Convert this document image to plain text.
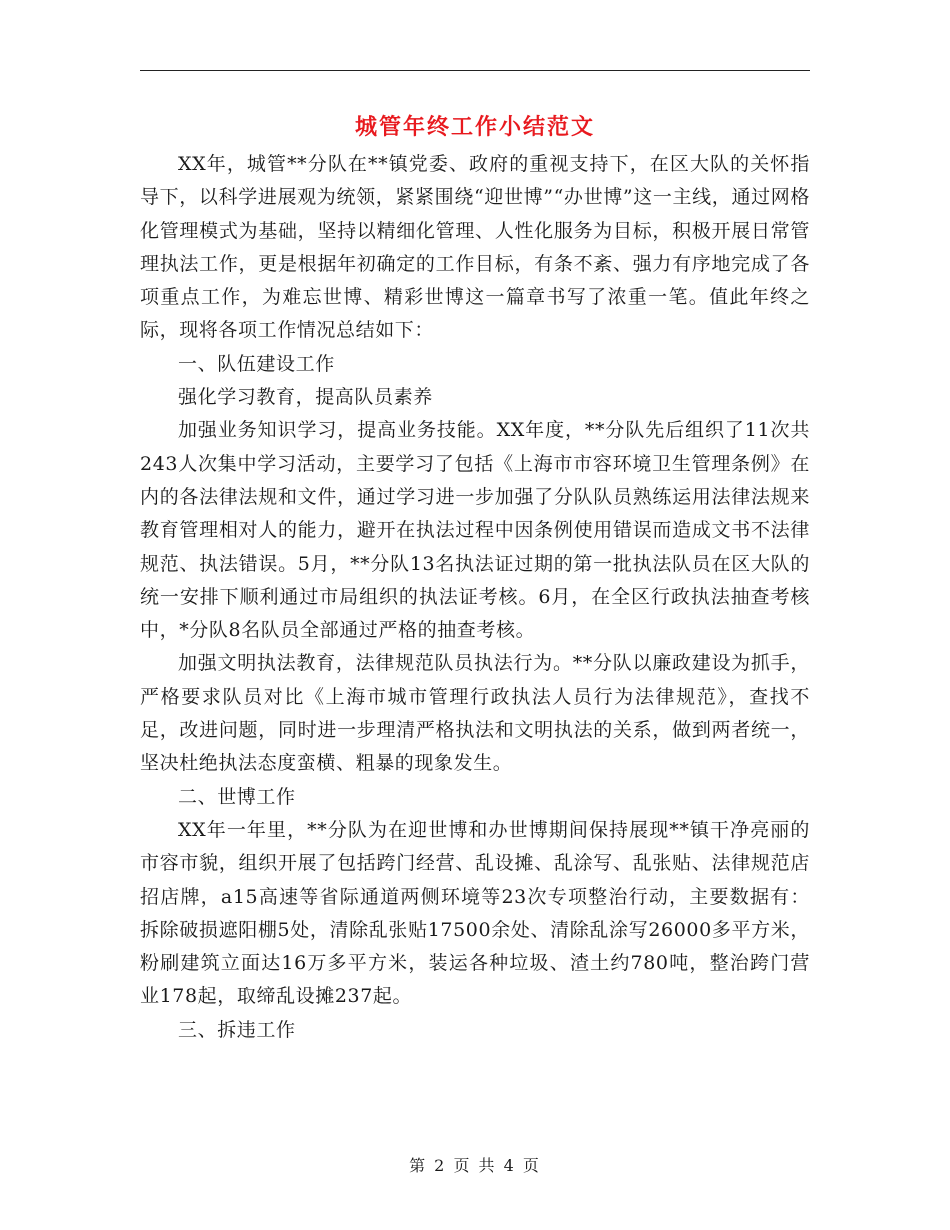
城管年终工作小结范文

XX年，城管**分队在**镇党委、政府的重视支持下，在区大队的关怀指导下，以科学进展观为统领，紧紧围绕“迎世博”“办世博”这一主线，通过网格化管理模式为基础，坚持以精细化管理、人性化服务为目标，积极开展日常管理执法工作，更是根据年初确定的工作目标，有条不紊、强力有序地完成了各项重点工作，为难忘世博、精彩世博这一篇章书写了浓重一笔。值此年终之际，现将各项工作情况总结如下：

一、队伍建设工作

强化学习教育，提高队员素养

加强业务知识学习，提高业务技能。XX年度，**分队先后组织了11次共243人次集中学习活动，主要学习了包括《上海市市容环境卫生管理条例》在内的各法律法规和文件，通过学习进一步加强了分队队员熟练运用法律法规来教育管理相对人的能力，避开在执法过程中因条例使用错误而造成文书不法律规范、执法错误。5月，**分队13名执法证过期的第一批执法队员在区大队的统一安排下顺利通过市局组织的执法证考核。6月，在全区行政执法抽查考核中，*分队8名队员全部通过严格的抽查考核。

加强文明执法教育，法律规范队员执法行为。**分队以廉政建设为抓手，严格要求队员对比《上海市城市管理行政执法人员行为法律规范》，查找不足，改进问题，同时进一步理清严格执法和文明执法的关系，做到两者统一，坚决杜绝执法态度蛮横、粗暴的现象发生。

二、世博工作

XX年一年里，**分队为在迎世博和办世博期间保持展现**镇干净亮丽的市容市貌，组织开展了包括跨门经营、乱设摊、乱涂写、乱张贴、法律规范店招店牌，a15高速等省际通道两侧环境等23次专项整治行动，主要数据有：拆除破损遮阳棚5处，清除乱张贴17500余处、清除乱涂写26000多平方米，粉刷建筑立面达16万多平方米，装运各种垃圾、渣土约780吨，整治跨门营业178起，取缔乱设摊237起。

三、拆违工作

第 2 页 共 4 页
